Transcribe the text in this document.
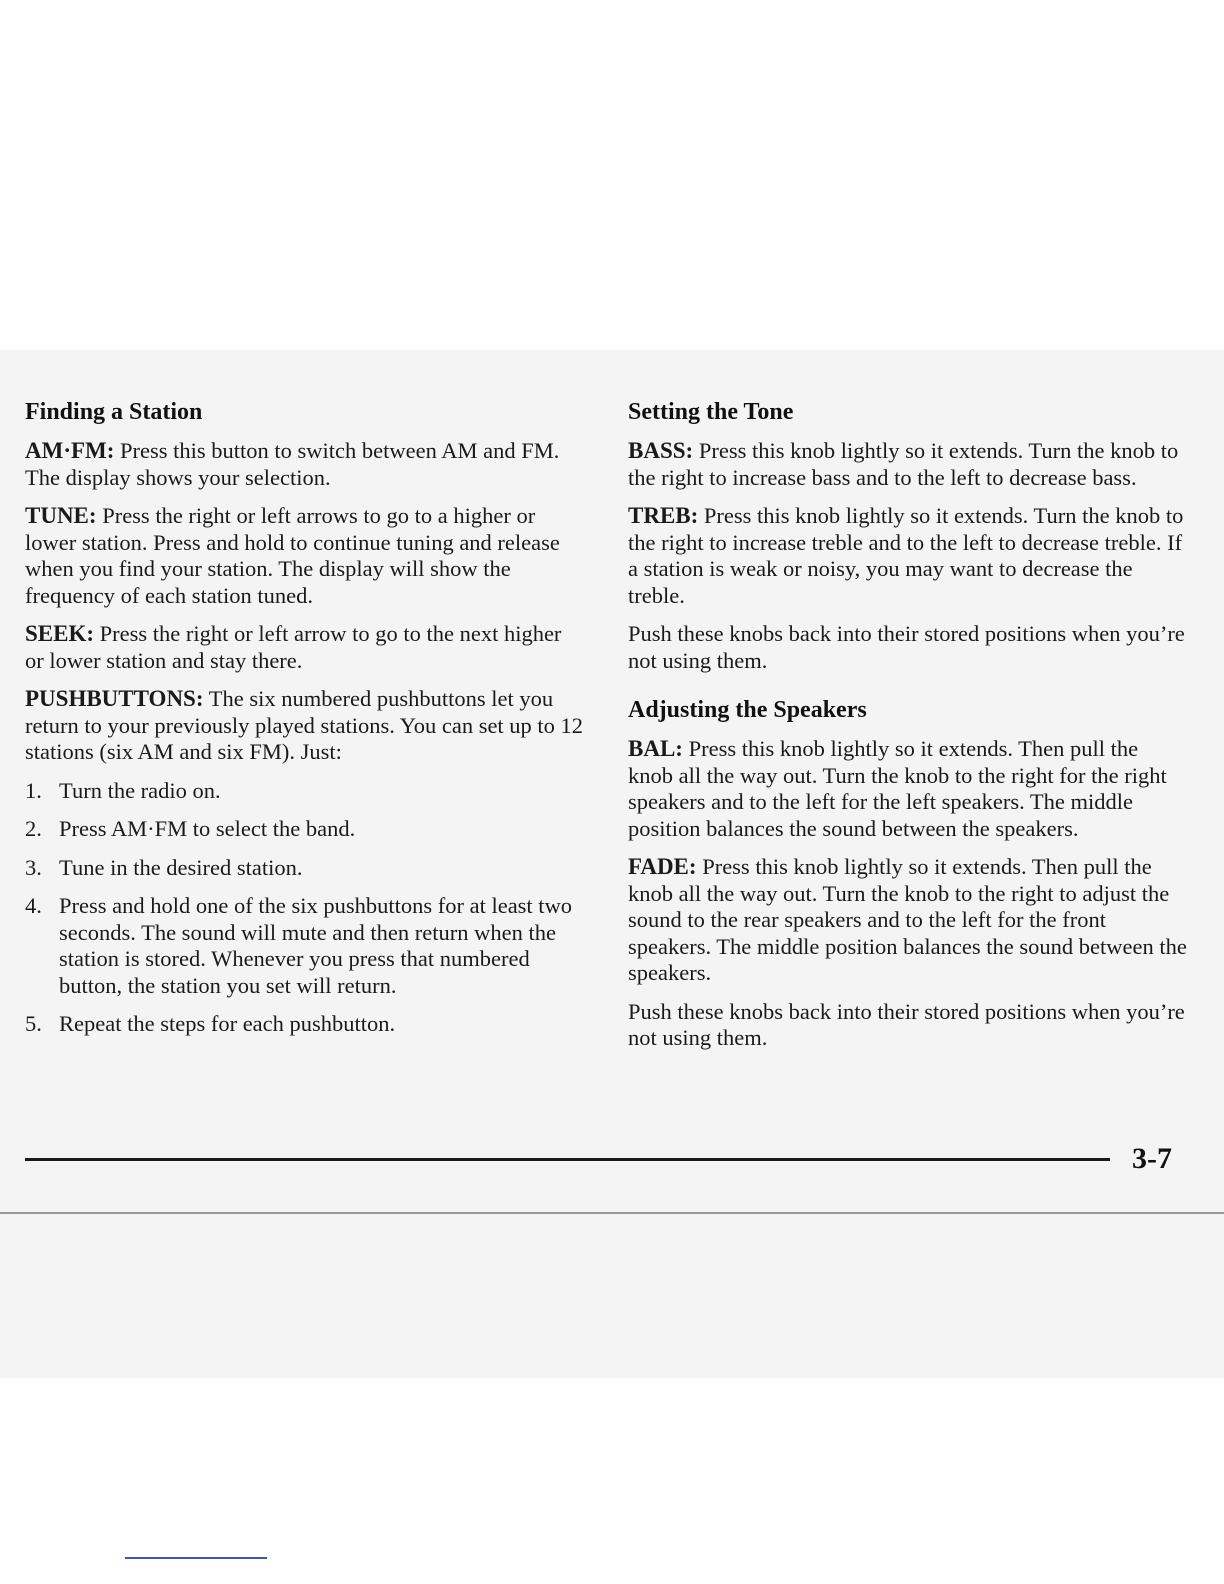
Finding a Station

AM·FM: Press this button to switch between AM and FM. The display shows your selection.

TUNE: Press the right or left arrows to go to a higher or lower station. Press and hold to continue tuning and release when you find your station. The display will show the frequency of each station tuned.

SEEK: Press the right or left arrow to go to the next higher or lower station and stay there.

PUSHBUTTONS: The six numbered pushbuttons let you return to your previously played stations. You can set up to 12 stations (six AM and six FM). Just:

1. Turn the radio on.
2. Press AM·FM to select the band.
3. Tune in the desired station.
4. Press and hold one of the six pushbuttons for at least two seconds. The sound will mute and then return when the station is stored. Whenever you press that numbered button, the station you set will return.
5. Repeat the steps for each pushbutton.
Setting the Tone

BASS: Press this knob lightly so it extends. Turn the knob to the right to increase bass and to the left to decrease bass.

TREB: Press this knob lightly so it extends. Turn the knob to the right to increase treble and to the left to decrease treble. If a station is weak or noisy, you may want to decrease the treble.

Push these knobs back into their stored positions when you’re not using them.

Adjusting the Speakers

BAL: Press this knob lightly so it extends. Then pull the knob all the way out. Turn the knob to the right for the right speakers and to the left for the left speakers. The middle position balances the sound between the speakers.

FADE: Press this knob lightly so it extends. Then pull the knob all the way out. Turn the knob to the right to adjust the sound to the rear speakers and to the left for the front speakers. The middle position balances the sound between the speakers.

Push these knobs back into their stored positions when you’re not using them.

3-7
